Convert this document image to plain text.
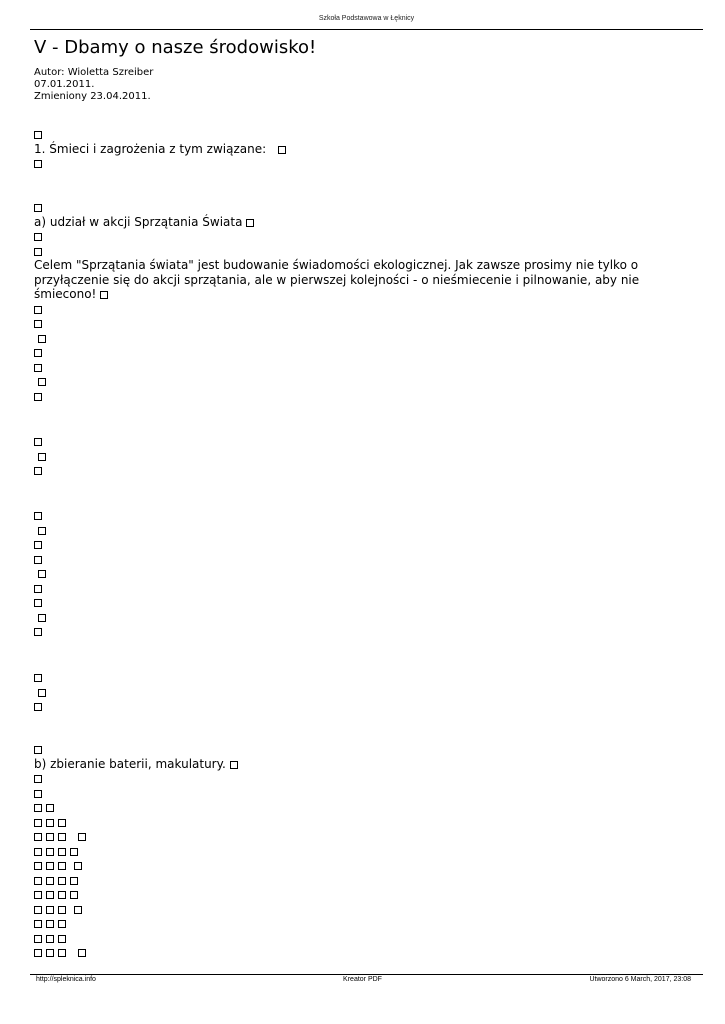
Szkoła Podstawowa w Łęknicy
V - Dbamy o nasze środowisko!
Autor: Wioletta Szreiber
07.01.2011.
Zmieniony 23.04.2011.
1. Śmieci i zagrożenia z tym związane:
a) udział w akcji Sprzątania Świata
Celem "Sprzątania świata" jest budowanie świadomości ekologicznej. Jak zawsze prosimy nie tylko o przyłączenie się do akcji sprzątania, ale w pierwszej kolejności - o nieśmiecenie i pilnowanie, aby nie śmiecono!

b) zbieranie baterii, makulatury.

http://spleknica.info	Kreator PDF	Utworzono 6 March, 2017, 23:08
